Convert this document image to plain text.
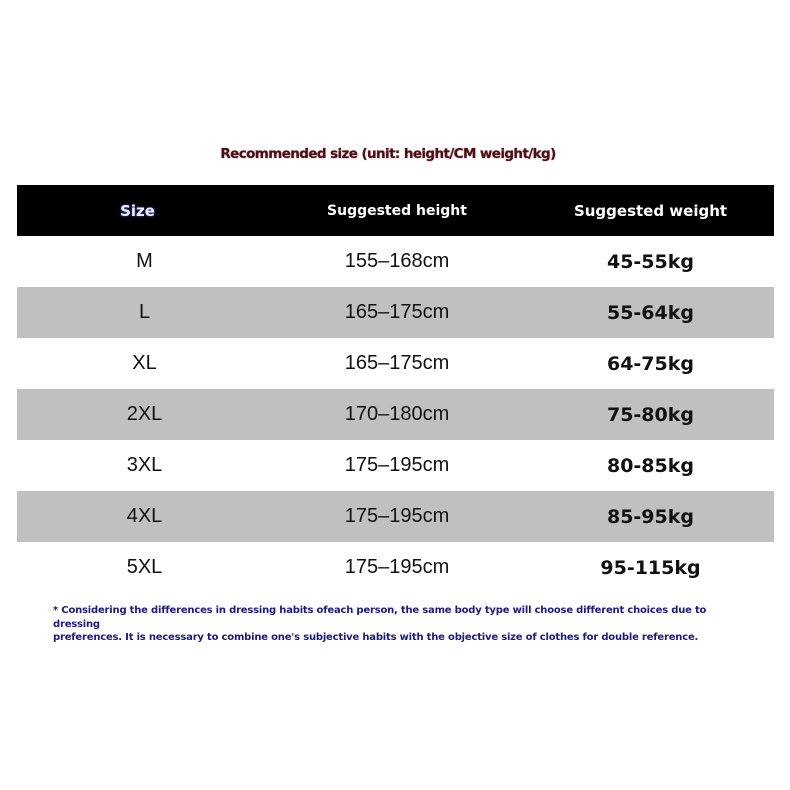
Recommended size (unit: height/CM weight/kg)
Size	Suggested height	Suggested weight
M	155–168cm	45-55kg
L	165–175cm	55-64kg
XL	165–175cm	64-75kg
2XL	170–180cm	75-80kg
3XL	175–195cm	80-85kg
4XL	175–195cm	85-95kg
5XL	175–195cm	95-115kg
* Considering the differences in dressing habits ofeach person, the same body type will choose different choices due to dressing
preferences. It is necessary to combine one's subjective habits with the objective size of clothes for double reference.
